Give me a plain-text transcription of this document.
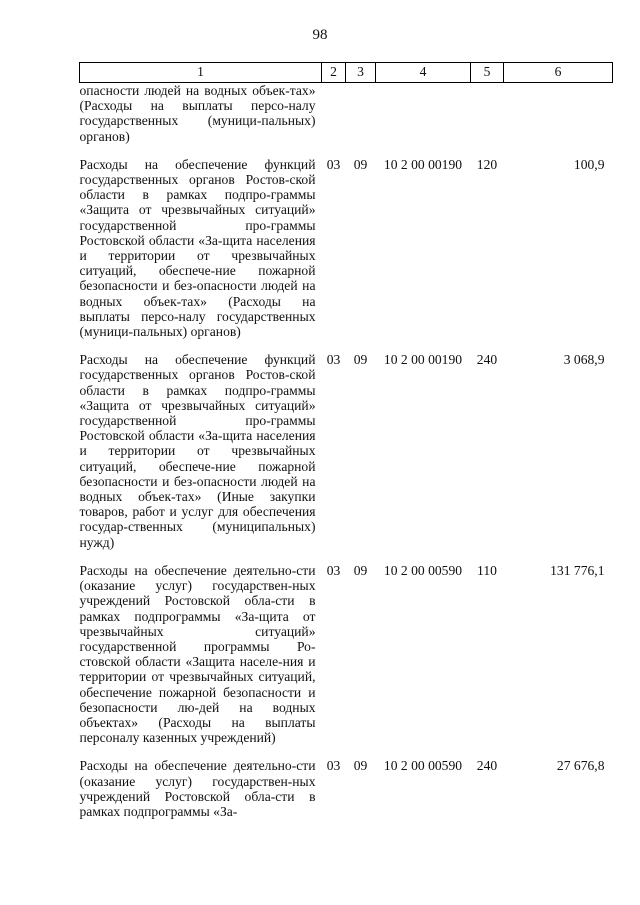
98
1	2	3	4	5	6
опасности людей на водных объек-тах» (Расходы на выплаты персо-налу государственных (муници-пальных) органов)					
Расходы на обеспечение функций государственных органов Ростов-ской области в рамках подпро-граммы «Защита от чрезвычайных ситуаций» государственной про-граммы Ростовской области «За-щита населения и территории от чрезвычайных ситуаций, обеспече-ние пожарной безопасности и без-опасности людей на водных объек-тах» (Расходы на выплаты персо-налу государственных (муници-пальных) органов)	03	09	10 2 00 00190	120	100,9
Расходы на обеспечение функций государственных органов Ростов-ской области в рамках подпро-граммы «Защита от чрезвычайных ситуаций» государственной про-граммы Ростовской области «За-щита населения и территории от чрезвычайных ситуаций, обеспече-ние пожарной безопасности и без-опасности людей на водных объек-тах» (Иные закупки товаров, работ и услуг для обеспечения государ-ственных (муниципальных) нужд)	03	09	10 2 00 00190	240	3 068,9
Расходы на обеспечение деятельно-сти (оказание услуг) государствен-ных учреждений Ростовской обла-сти в рамках подпрограммы «За-щита от чрезвычайных ситуаций» государственной программы Ро-стовской области «Защита населе-ния и территории от чрезвычайных ситуаций, обеспечение пожарной безопасности и безопасности лю-дей на водных объектах» (Расходы на выплаты персоналу казенных учреждений)	03	09	10 2 00 00590	110	131 776,1
Расходы на обеспечение деятельно-сти (оказание услуг) государствен-ных учреждений Ростовской обла-сти в рамках подпрограммы «За-	03	09	10 2 00 00590	240	27 676,8
